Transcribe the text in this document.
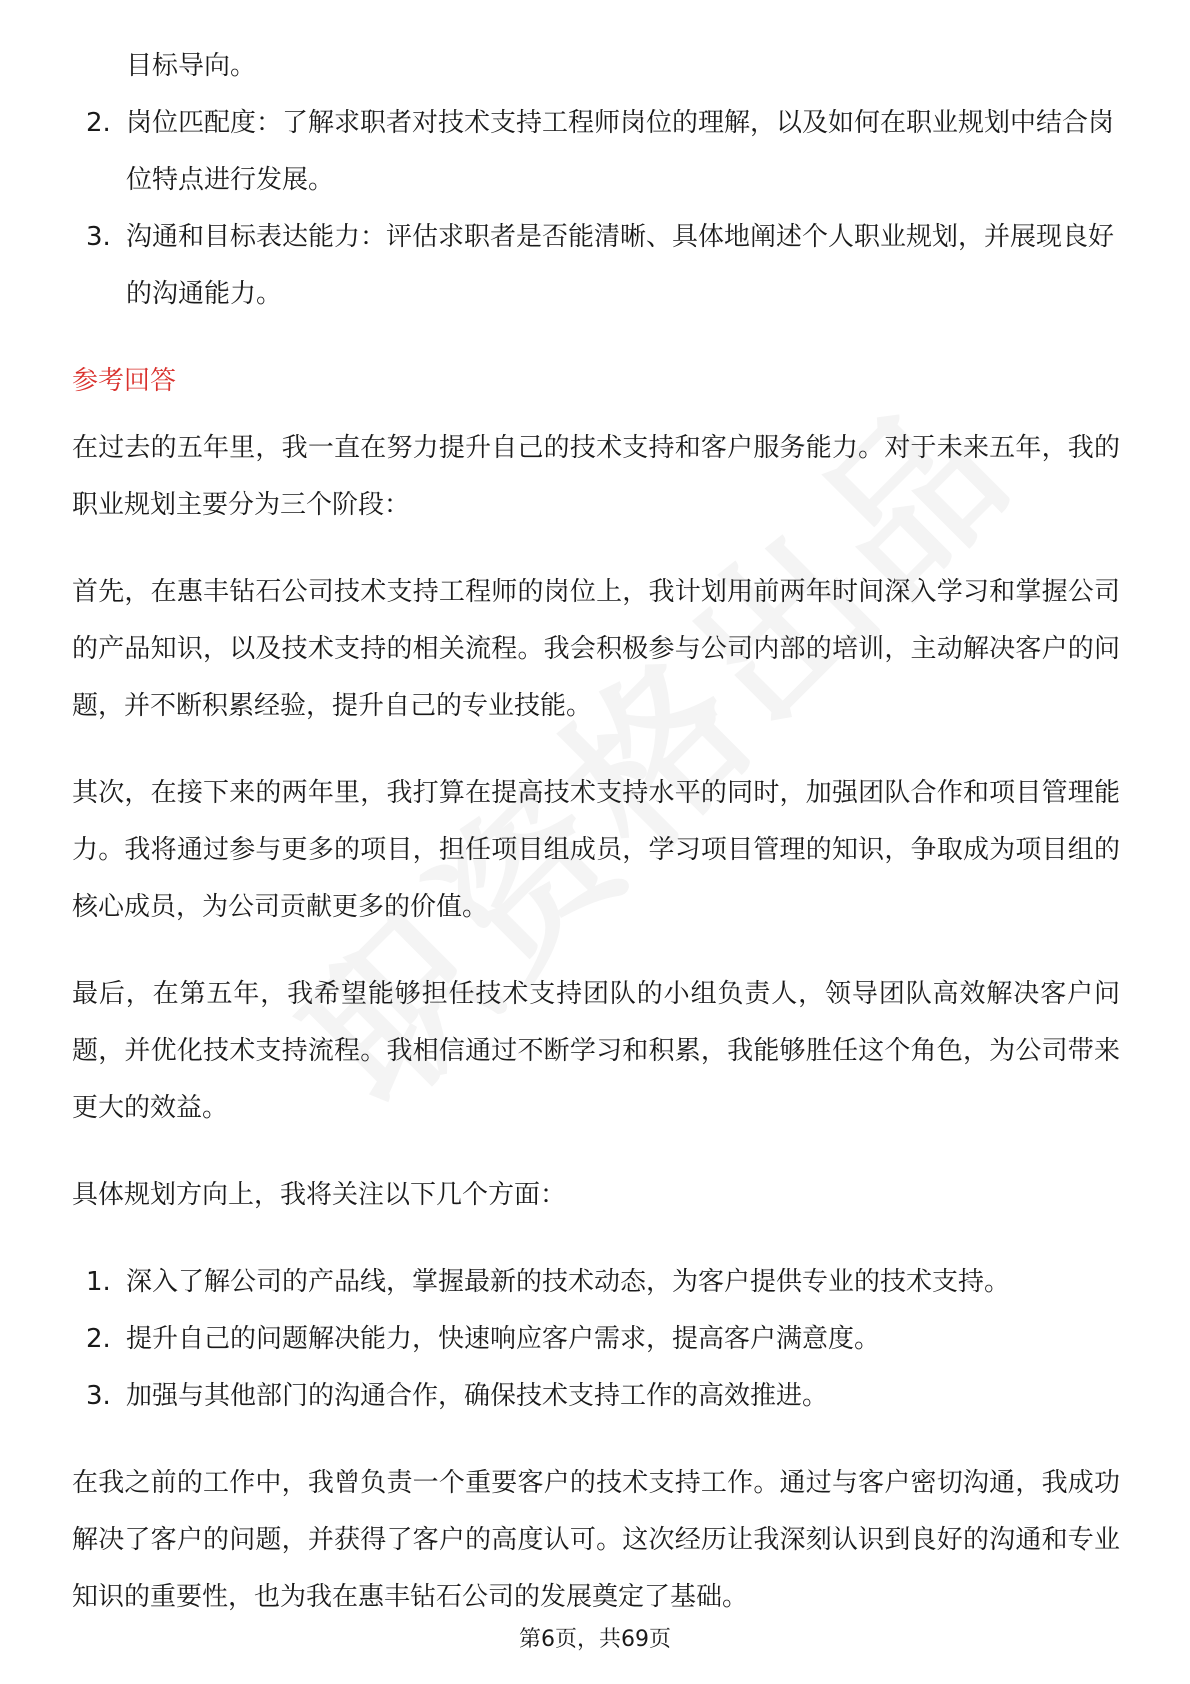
目标导向。

2. 岗位匹配度：了解求职者对技术支持工程师岗位的理解，以及如何在职业规划中结合岗位特点进行发展。
3. 沟通和目标表达能力：评估求职者是否能清晰、具体地阐述个人职业规划，并展现良好的沟通能力。
参考回答

在过去的五年里，我一直在努力提升自己的技术支持和客户服务能力。对于未来五年，我的职业规划主要分为三个阶段：

首先，在惠丰钻石公司技术支持工程师的岗位上，我计划用前两年时间深入学习和掌握公司的产品知识，以及技术支持的相关流程。我会积极参与公司内部的培训，主动解决客户的问题，并不断积累经验，提升自己的专业技能。

其次，在接下来的两年里，我打算在提高技术支持水平的同时，加强团队合作和项目管理能力。我将通过参与更多的项目，担任项目组成员，学习项目管理的知识，争取成为项目组的核心成员，为公司贡献更多的价值。

最后，在第五年，我希望能够担任技术支持团队的小组负责人，领导团队高效解决客户问题，并优化技术支持流程。我相信通过不断学习和积累，我能够胜任这个角色，为公司带来更大的效益。

具体规划方向上，我将关注以下几个方面：

1. 深入了解公司的产品线，掌握最新的技术动态，为客户提供专业的技术支持。
2. 提升自己的问题解决能力，快速响应客户需求，提高客户满意度。
3. 加强与其他部门的沟通合作，确保技术支持工作的高效推进。

在我之前的工作中，我曾负责一个重要客户的技术支持工作。通过与客户密切沟通，我成功解决了客户的问题，并获得了客户的高度认可。这次经历让我深刻认识到良好的沟通和专业知识的重要性，也为我在惠丰钻石公司的发展奠定了基础。

第6页，共69页
